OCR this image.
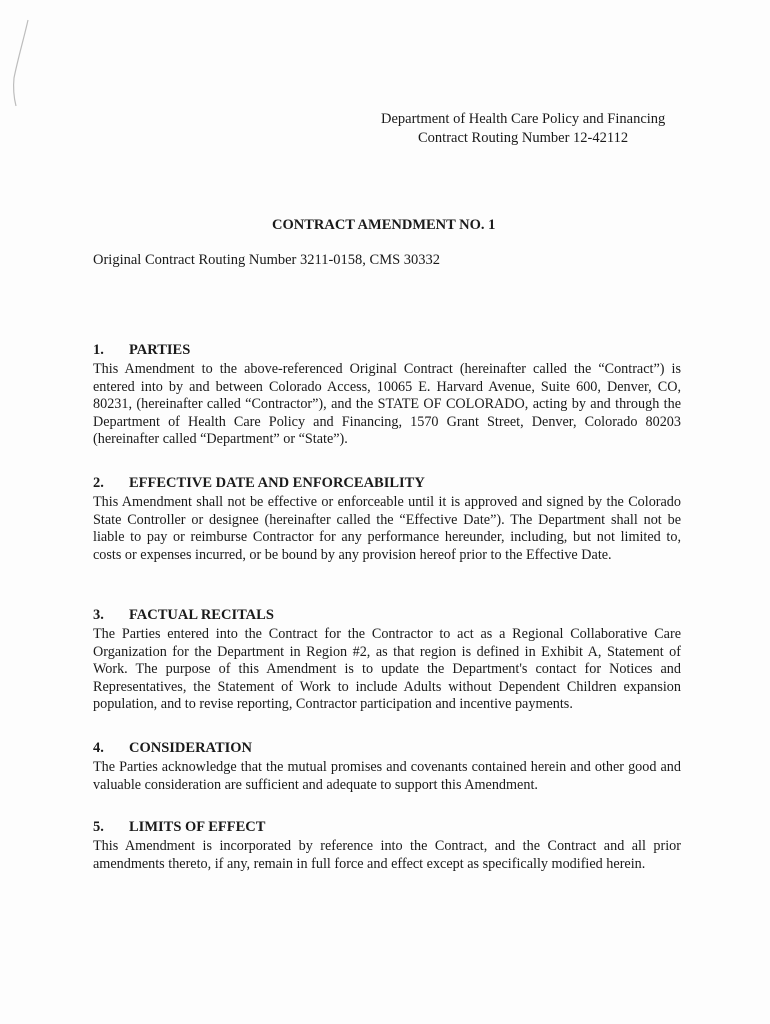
Department of Health Care Policy and Financing
Contract Routing Number 12-42112
CONTRACT AMENDMENT NO. 1
Original Contract Routing Number 3211-0158, CMS 30332
1. PARTIES
This Amendment to the above-referenced Original Contract (hereinafter called the “Contract”) is entered into by and between Colorado Access, 10065 E. Harvard Avenue, Suite 600, Denver, CO, 80231, (hereinafter called “Contractor”), and the STATE OF COLORADO, acting by and through the Department of Health Care Policy and Financing, 1570 Grant Street, Denver, Colorado 80203 (hereinafter called “Department” or “State”).
2. EFFECTIVE DATE AND ENFORCEABILITY
This Amendment shall not be effective or enforceable until it is approved and signed by the Colorado State Controller or designee (hereinafter called the “Effective Date”). The Department shall not be liable to pay or reimburse Contractor for any performance hereunder, including, but not limited to, costs or expenses incurred, or be bound by any provision hereof prior to the Effective Date.
3. FACTUAL RECITALS
The Parties entered into the Contract for the Contractor to act as a Regional Collaborative Care Organization for the Department in Region #2, as that region is defined in Exhibit A, Statement of Work. The purpose of this Amendment is to update the Department's contact for Notices and Representatives, the Statement of Work to include Adults without Dependent Children expansion population, and to revise reporting, Contractor participation and incentive payments.
4. CONSIDERATION
The Parties acknowledge that the mutual promises and covenants contained herein and other good and valuable consideration are sufficient and adequate to support this Amendment.
5. LIMITS OF EFFECT
This Amendment is incorporated by reference into the Contract, and the Contract and all prior amendments thereto, if any, remain in full force and effect except as specifically modified herein.
